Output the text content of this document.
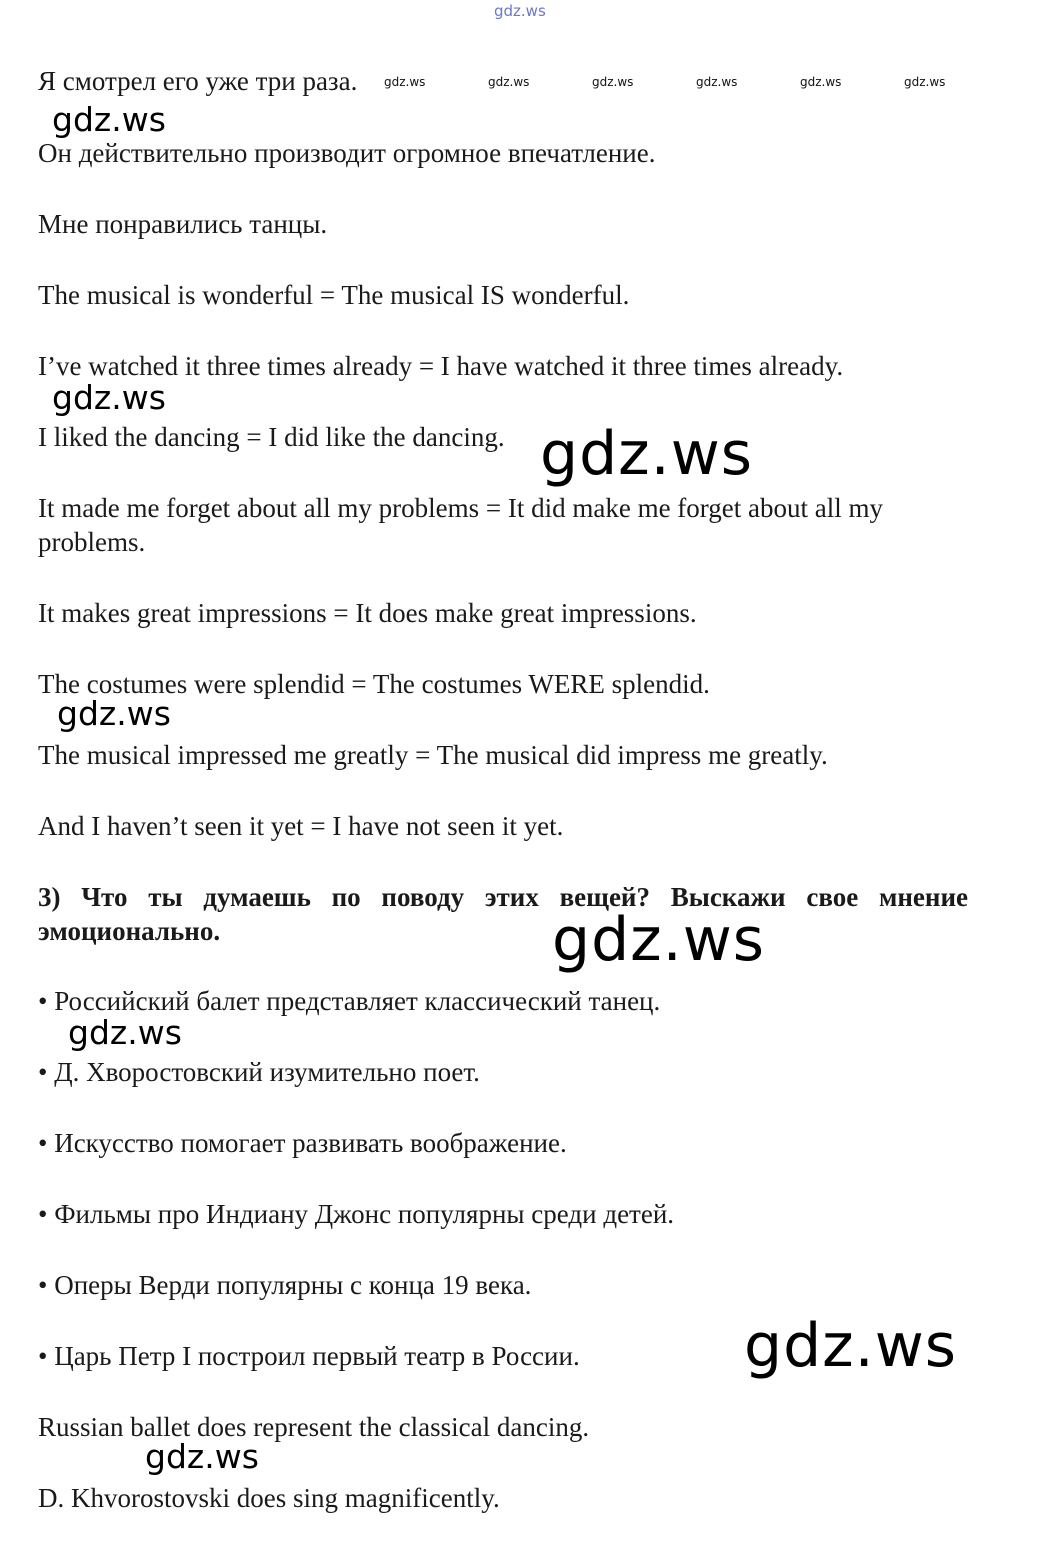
gdz.ws
gdz.ws	gdz.ws	gdz.ws	gdz.ws	gdz.ws	gdz.ws

Я смотрел его уже три раза.

Он действительно производит огромное впечатление.

Мне понравились танцы.

The musical is wonderful = The musical IS wonderful.

I’ve watched it three times already = I have watched it three times already.

I liked the dancing = I did like the dancing.

It made me forget about all my problems = It did make me forget about all my problems.

It makes great impressions = It does make great impressions.

The costumes were splendid = The costumes WERE splendid.

The musical impressed me greatly = The musical did impress me greatly.

And I haven’t seen it yet = I have not seen it yet.

3) Что ты думаешь по поводу этих вещей? Выскажи свое мнение эмоционально.

• Российский балет представляет классический танец.

• Д. Хворостовский изумительно поет.

• Искусство помогает развивать воображение.

• Фильмы про Индиану Джонс популярны среди детей.

• Оперы Верди популярны с конца 19 века.

• Царь Петр I построил первый театр в России.

Russian ballet does represent the classical dancing.

D. Khvorostovski does sing magnificently.

gdz.ws
gdz.ws
gdz.ws
gdz.ws
gdz.ws
gdz.ws
gdz.ws
gdz.ws
